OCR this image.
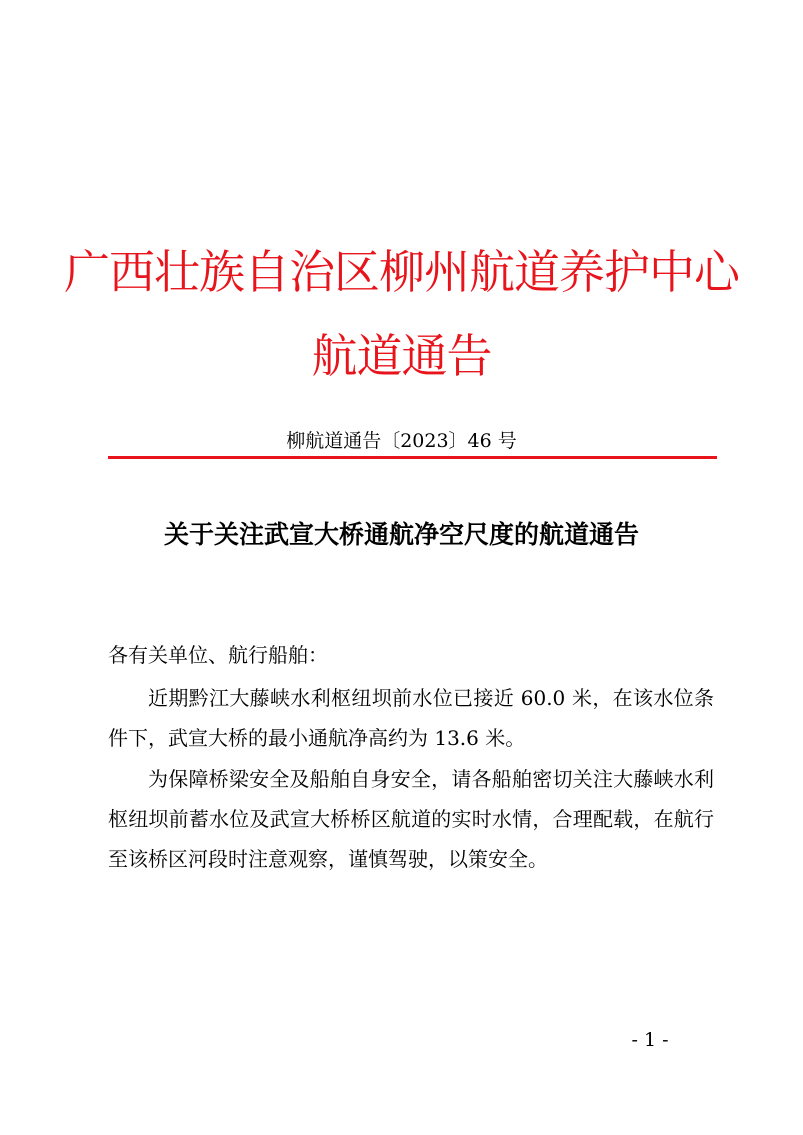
广西壮族自治区柳州航道养护中心
航道通告
柳航道通告〔2023〕46 号
关于关注武宣大桥通航净空尺度的航道通告

各有关单位、航行船舶：

近期黔江大藤峡水利枢纽坝前水位已接近 60.0 米，在该水位条件下，武宣大桥的最小通航净高约为 13.6 米。

为保障桥梁安全及船舶自身安全，请各船舶密切关注大藤峡水利枢纽坝前蓄水位及武宣大桥桥区航道的实时水情，合理配载，在航行至该桥区河段时注意观察，谨慎驾驶，以策安全。

- 1 -
